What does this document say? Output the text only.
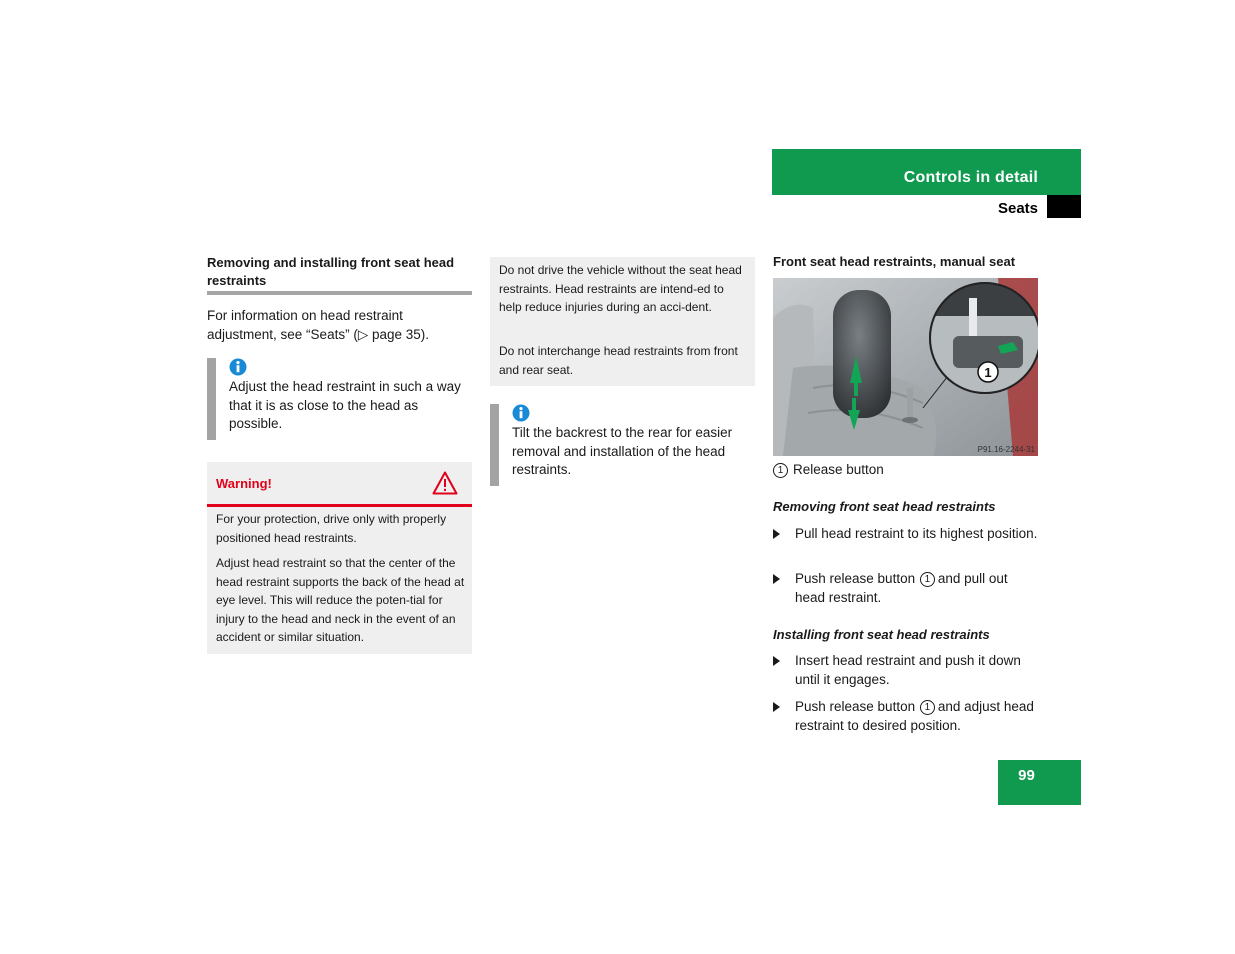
Controls in detail
Seats
Removing and installing front seat head restraints
For information on head restraint adjustment, see “Seats” (▷ page 35).
Adjust the head restraint in such a way that it is as close to the head as possible.
Warning!
For your protection, drive only with properly positioned head restraints.
Adjust head restraint so that the center of the head restraint supports the back of the head at eye level. This will reduce the poten-tial for injury to the head and neck in the event of an accident or similar situation.
Do not drive the vehicle without the seat head restraints. Head restraints are intend-ed to help reduce injuries during an acci-dent.
Do not interchange head restraints from front and rear seat.
Tilt the backrest to the rear for easier removal and installation of the head restraints.
Front seat head restraints, manual seat
1
P91.16-2244-31
1 Release button
Removing front seat head restraints
Pull head restraint to its highest position.
Push release button 1 and pull out head restraint.
Installing front seat head restraints
Insert head restraint and push it down until it engages.
Push release button 1 and adjust head restraint to desired position.
99
